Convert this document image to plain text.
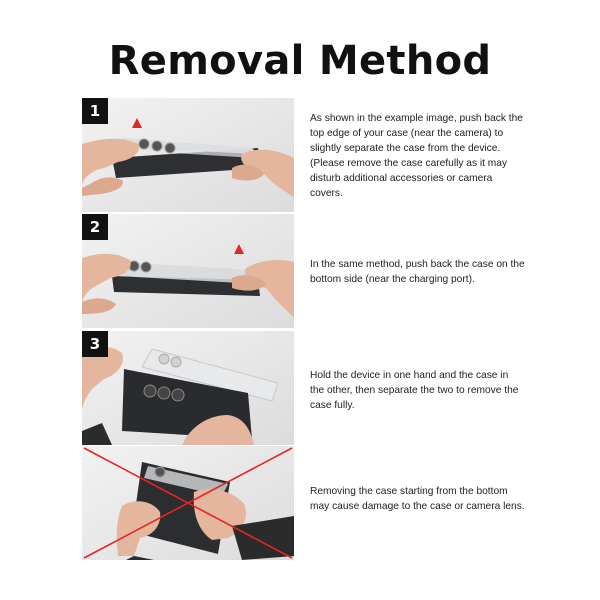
Removal Method
1	As shown in the example image, push back the top edge of your case (near the camera) to slightly separate the case from the device. (Please remove the case carefully as it may disturb additional accessories or camera covers.
2
In the same method, push back the case on the bottom side (near the charging port).
3
Hold the device in one hand and the case in the other, then separate the two to remove the case fully.
Removing the case starting from the bottom may cause damage to the case or camera lens.
